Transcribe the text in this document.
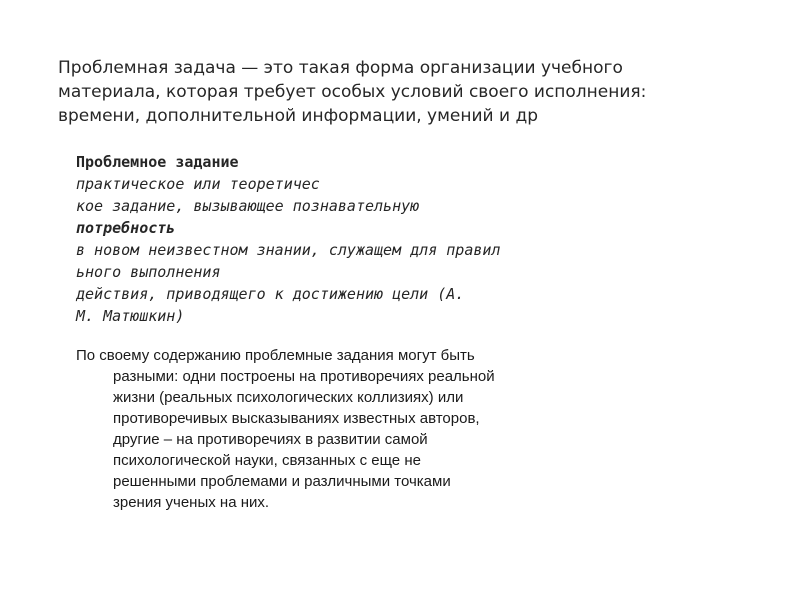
Проблемная задача — это такая форма организации учебного
материала, которая требует особых условий своего исполнения:
времени, дополнительной информации, умений и др

Проблемное задание
практическое или теоретичес
кое задание, вызывающее познавательную
потребность
в новом неизвестном знании, служащем для правил
ьного выполнения
действия, приводящего к достижению цели (А.
М. Матюшкин)

По своему содержанию проблемные задания могут быть
разными: одни построены на противоречиях реальной
жизни (реальных психологических коллизиях) или
противоречивых высказываниях известных авторов,
другие – на противоречиях в развитии самой
психологической науки, связанных с еще не
решенными проблемами и различными точками
зрения ученых на них.
